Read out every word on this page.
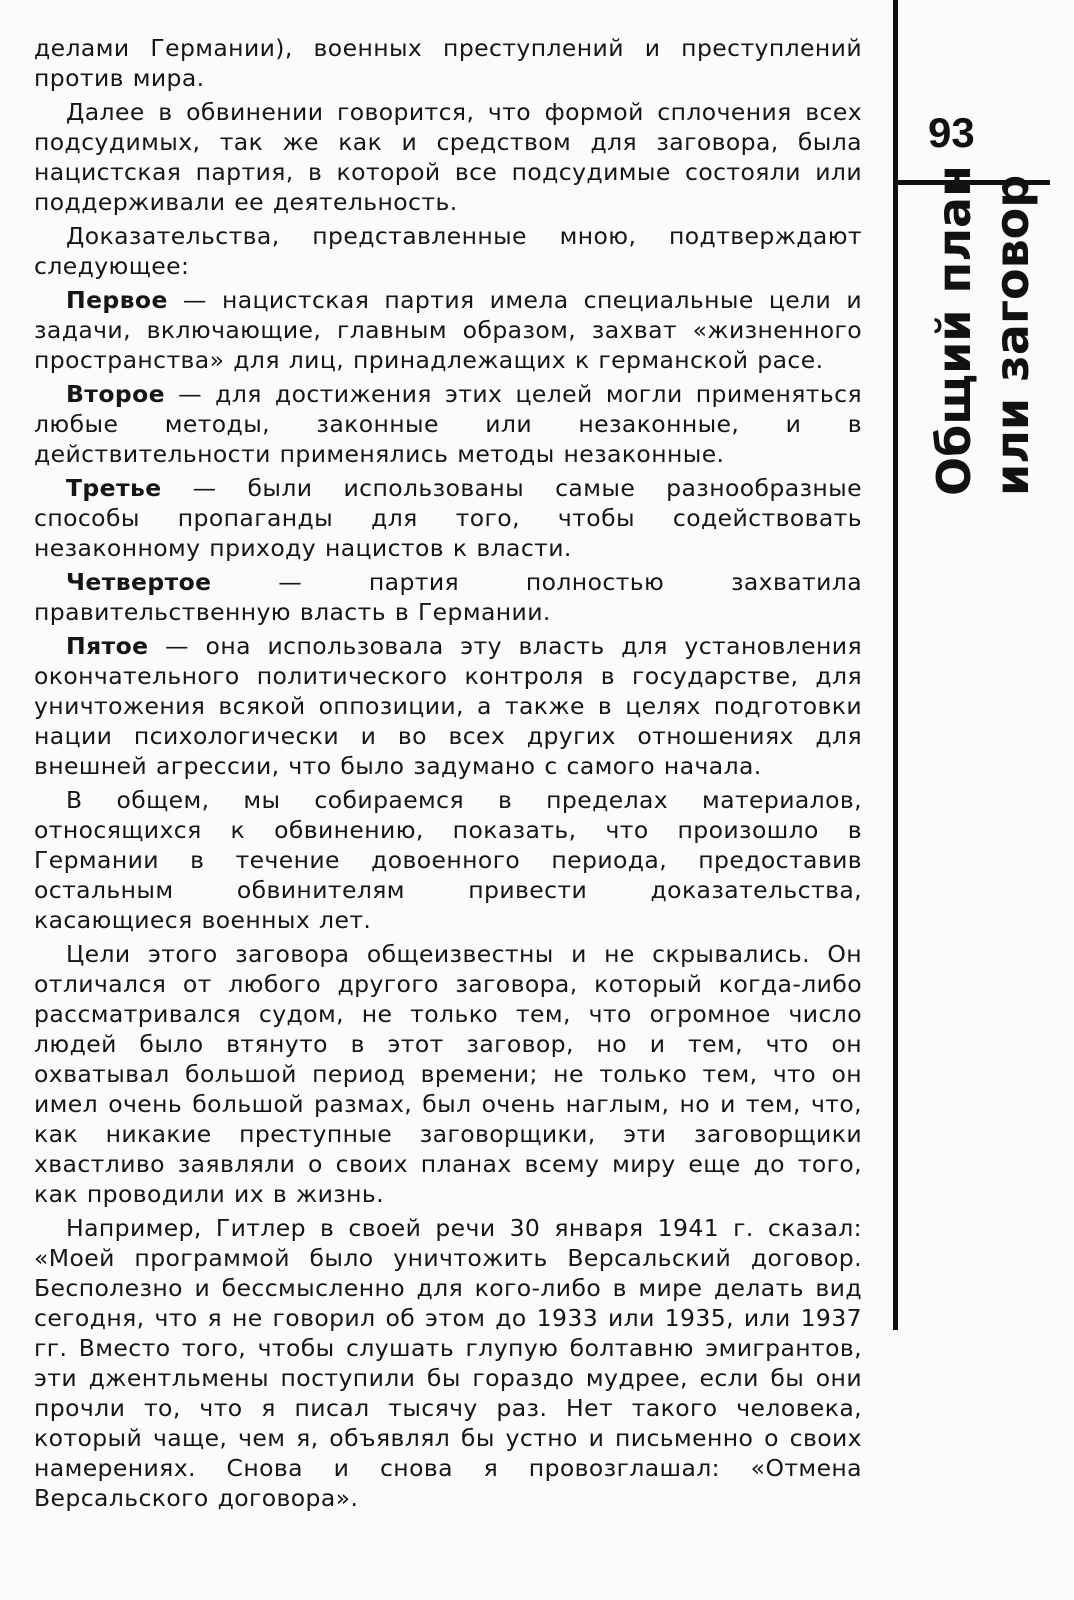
делами Германии), военных преступлений и преступлений против мира.

Далее в обвинении говорится, что формой сплочения всех подсудимых, так же как и средством для заговора, была нацистская партия, в которой все подсудимые состояли или поддерживали ее деятельность.

Доказательства, представленные мною, подтверждают следующее:

Первое — нацистская партия имела специальные цели и задачи, включающие, главным образом, захват «жизненного пространства» для лиц, принадлежащих к германской расе.

Второе — для достижения этих целей могли применяться любые методы, законные или незаконные, и в действительности применялись методы незаконные.

Третье — были использованы самые разнообразные способы пропаганды для того, чтобы содействовать незаконному приходу нацистов к власти.

Четвертое — партия полностью захватила правительственную власть в Германии.

Пятое — она использовала эту власть для установления окончательного политического контроля в государстве, для уничтожения всякой оппозиции, а также в целях подготовки нации психологически и во всех других отношениях для внешней агрессии, что было задумано с самого начала.

В общем, мы собираемся в пределах материалов, относящихся к обвинению, показать, что произошло в Германии в течение довоенного периода, предоставив остальным обвинителям привести доказательства, касающиеся военных лет.

Цели этого заговора общеизвестны и не скрывались. Он отличался от любого другого заговора, который когда-либо рассматривался судом, не только тем, что огромное число людей было втянуто в этот заговор, но и тем, что он охватывал большой период времени; не только тем, что он имел очень большой размах, был очень наглым, но и тем, что, как никакие преступные заговорщики, эти заговорщики хвастливо заявляли о своих планах всему миру еще до того, как проводили их в жизнь.

Например, Гитлер в своей речи 30 января 1941 г. сказал: «Моей программой было уничтожить Версальский договор. Бесполезно и бессмысленно для кого-либо в мире делать вид сегодня, что я не говорил об этом до 1933 или 1935, или 1937 гг. Вместо того, чтобы слушать глупую болтавню эмигрантов, эти джентльмены поступили бы гораздо мудрее, если бы они прочли то, что я писал тысячу раз. Нет такого человека, который чаще, чем я, объявлял бы устно и письменно о своих намерениях. Снова и снова я провозглашал: «Отмена Версальского договора».

93
Общий план или заговор
